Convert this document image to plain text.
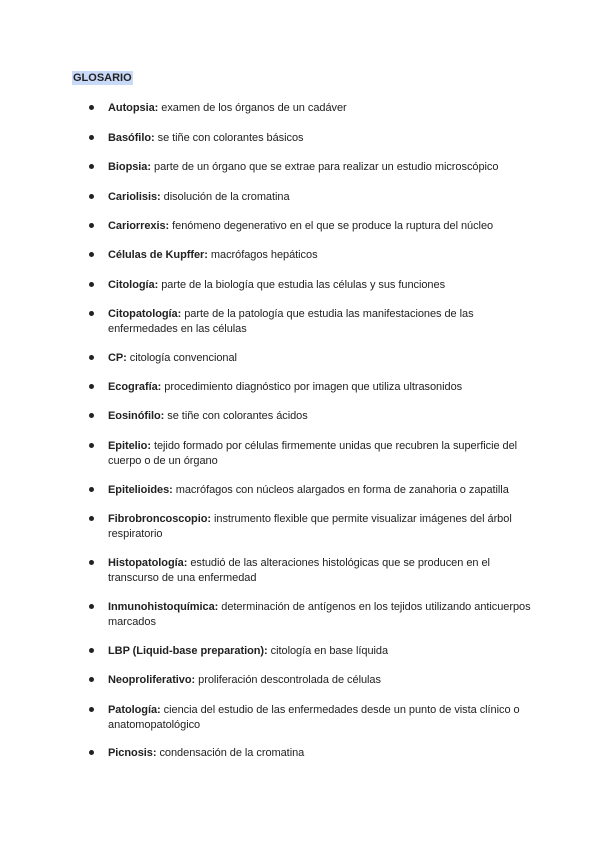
GLOSARIO
Autopsia: examen de los órganos de un cadáver
Basófilo: se tiñe con colorantes básicos
Biopsia: parte de un órgano que se extrae para realizar un estudio microscópico
Cariolisis: disolución de la cromatina
Cariorrexis: fenómeno degenerativo en el que se produce la ruptura del núcleo
Células de Kupffer: macrófagos hepáticos
Citología: parte de la biología que estudia las células y sus funciones
Citopatología: parte de la patología que estudia las manifestaciones de las enfermedades en las células
CP: citología convencional
Ecografía: procedimiento diagnóstico por imagen que utiliza ultrasonidos
Eosinófilo: se tiñe con colorantes ácidos
Epitelio: tejido formado por células firmemente unidas que recubren la superficie del cuerpo o de un órgano
Epitelioides: macrófagos con núcleos alargados en forma de zanahoria o zapatilla
Fibrobroncoscopio: instrumento flexible que permite visualizar imágenes del árbol respiratorio
Histopatología: estudió de las alteraciones histológicas que se producen en el transcurso de una enfermedad
Inmunohistoquímica: determinación de antígenos en los tejidos utilizando anticuerpos marcados
LBP (Liquid-base preparation): citología en base líquida
Neoproliferativo: proliferación descontrolada de células
Patología: ciencia del estudio de las enfermedades desde un punto de vista clínico o anatomopatológico
Picnosis: condensación de la cromatina
